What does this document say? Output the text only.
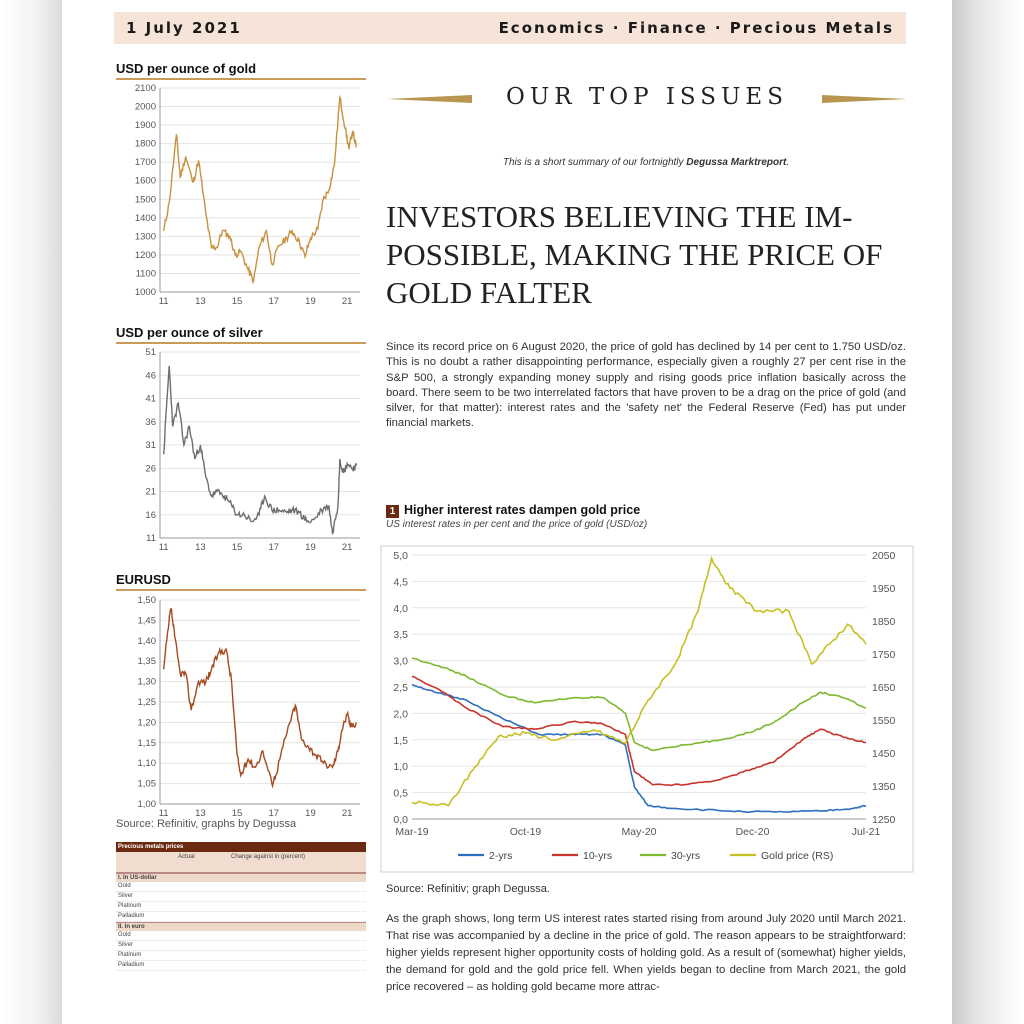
1 July 2021	Economics · Finance · Precious Metals
USD per ounce of gold
1000
1100
1200
1300
1400
1500
1600
1700
1800
1900
2000
2100
11	13	15	17	19	21
USD per ounce of silver
11
16
21
26
31
36
41
46
51
11	13	15	17	19	21
EURUSD
1,00
1,05
1,10
1,15
1,20
1,25
1,30
1,35
1,40
1,45
1,50
11	13	15	17	19	21
Source: Refinitiv, graphs by Degussa
Precious metals prices
Actual	Change against in (percent)
I. In US-dollar
Gold
Silver
Platinum
Palladium
II. In euro
Gold
Silver
Platinum
Palladium
OUR TOP ISSUES
This is a short summary of our fortnightly Degussa Marktreport.
INVESTORS BELIEVING THE IM-POSSIBLE, MAKING THE PRICE OF GOLD FALTER
Since its record price on 6 August 2020, the price of gold has declined by 14 per cent to 1.750 USD/oz. This is no doubt a rather disappointing performance, especially given a roughly 27 per cent rise in the S&P 500, a strongly expanding money supply and rising goods price inflation basically across the board. There seem to be two interrelated factors that have proven to be a drag on the price of gold (and silver, for that matter): interest rates and the 'safety net' the Federal Reserve (Fed) has put under financial markets.
1 Higher interest rates dampen gold price
US interest rates in per cent and the price of gold (USD/oz)
0,0
0,5
1,0
1,5
2,0
2,5
3,0
3,5
4,0
4,5
5,0
1250
1350
1450
1550
1650
1750
1850
1950
2050
Mar-19	Oct-19	May-20	Dec-20	Jul-21
2-yrs	10-yrs	30-yrs	Gold price (RS)
Source: Refinitiv; graph Degussa.
As the graph shows, long term US interest rates started rising from around July 2020 until March 2021. That rise was accompanied by a decline in the price of gold. The reason appears to be straightforward: higher yields represent higher opportunity costs of holding gold. As a result of (somewhat) higher yields, the demand for gold and the gold price fell. When yields began to decline from March 2021, the gold price recovered – as holding gold became more attrac-
